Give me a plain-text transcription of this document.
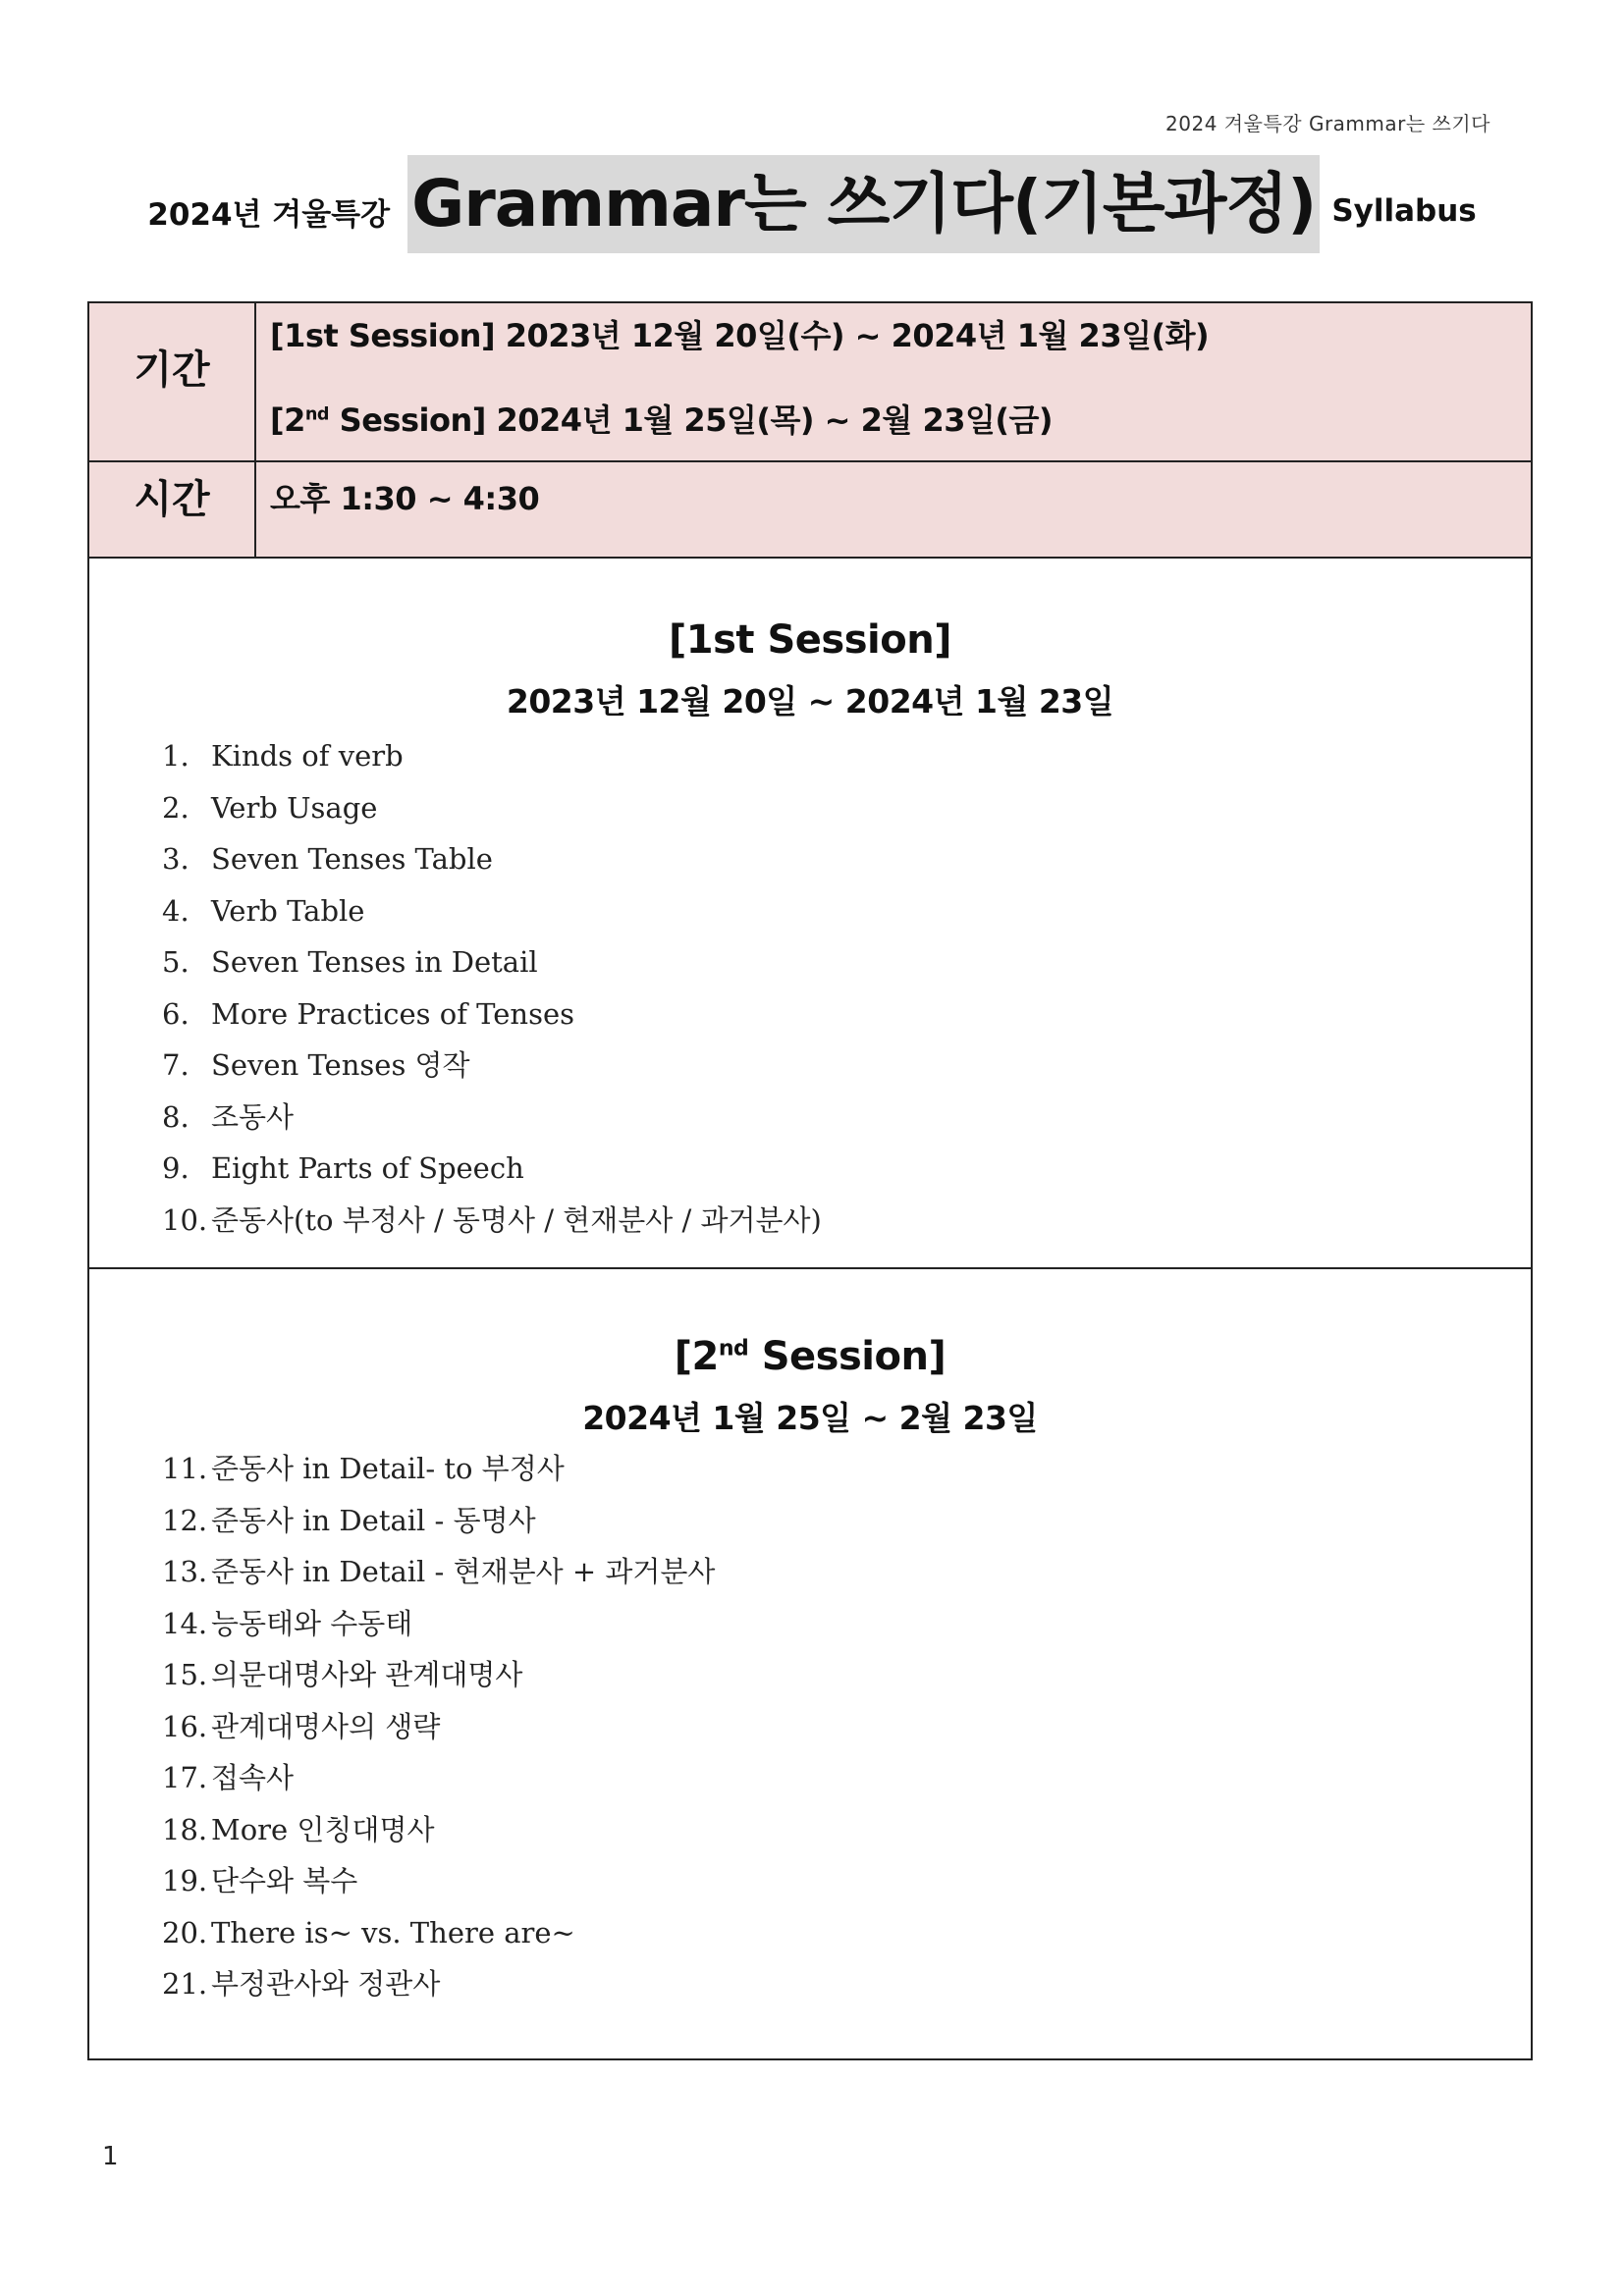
2024 겨울특강 Grammar는 쓰기다
2024년 겨울특강 Grammar는 쓰기다(기본과정) Syllabus
기간
[1st Session] 2023년 12월 20일(수) ~ 2024년 1월 23일(화)
[2nd Session] 2024년 1월 25일(목) ~ 2월 23일(금)
시간	오후 1:30 ~ 4:30
[1st Session]
2023년 12월 20일 ~ 2024년 1월 23일
1. Kinds of verb
2. Verb Usage
3. Seven Tenses Table
4. Verb Table
5. Seven Tenses in Detail
6. More Practices of Tenses
7. Seven Tenses 영작
8. 조동사
9. Eight Parts of Speech
10. 준동사(to 부정사 / 동명사 / 현재분사 / 과거분사)
[2nd Session]
2024년 1월 25일 ~ 2월 23일
11. 준동사 in Detail- to 부정사
12. 준동사 in Detail - 동명사
13. 준동사 in Detail - 현재분사 + 과거분사
14. 능동태와 수동태
15. 의문대명사와 관계대명사
16. 관계대명사의 생략
17. 접속사
18. More 인칭대명사
19. 단수와 복수
20. There is~ vs. There are~
21. 부정관사와 정관사
1
